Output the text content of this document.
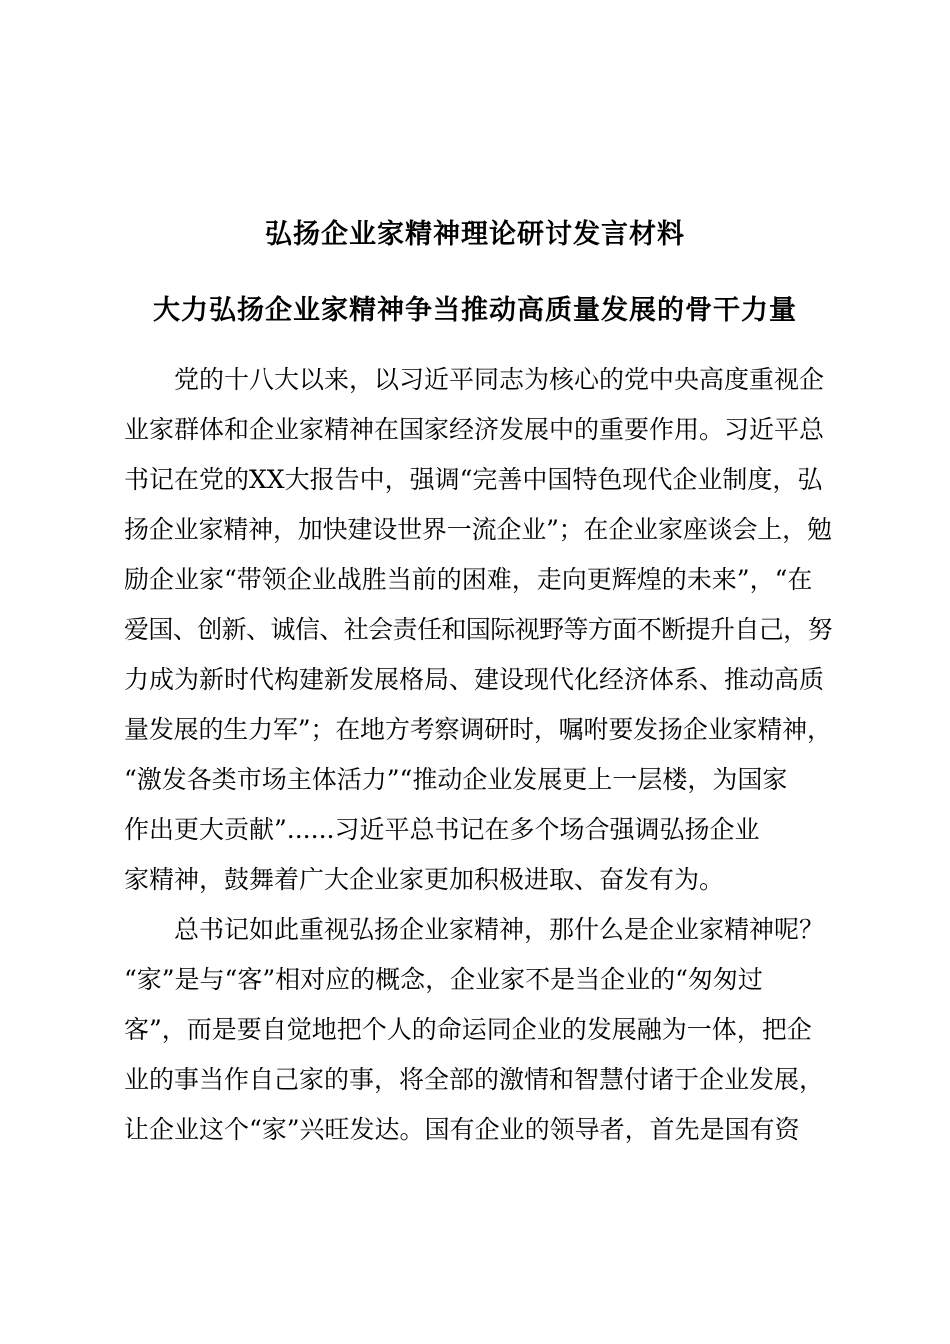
弘扬企业家精神理论研讨发言材料
大力弘扬企业家精神争当推动高质量发展的骨干力量
　　党的十八大以来，以习近平同志为核心的党中央高度重视企
业家群体和企业家精神在国家经济发展中的重要作用。习近平总
书记在党的XX大报告中，强调“完善中国特色现代企业制度，弘
扬企业家精神，加快建设世界一流企业”；在企业家座谈会上，勉
励企业家“带领企业战胜当前的困难，走向更辉煌的未来”，“在
爱国、创新、诚信、社会责任和国际视野等方面不断提升自己，努
力成为新时代构建新发展格局、建设现代化经济体系、推动高质
量发展的生力军”；在地方考察调研时，嘱咐要发扬企业家精神，
“激发各类市场主体活力”“推动企业发展更上一层楼，为国家
作出更大贡献”......习近平总书记在多个场合强调弘扬企业
家精神，鼓舞着广大企业家更加积极进取、奋发有为。
　　总书记如此重视弘扬企业家精神，那什么是企业家精神呢？
“家”是与“客”相对应的概念，企业家不是当企业的“匆匆过
客”，而是要自觉地把个人的命运同企业的发展融为一体，把企
业的事当作自己家的事，将全部的激情和智慧付诸于企业发展，
让企业这个“家”兴旺发达。国有企业的领导者，首先是国有资
